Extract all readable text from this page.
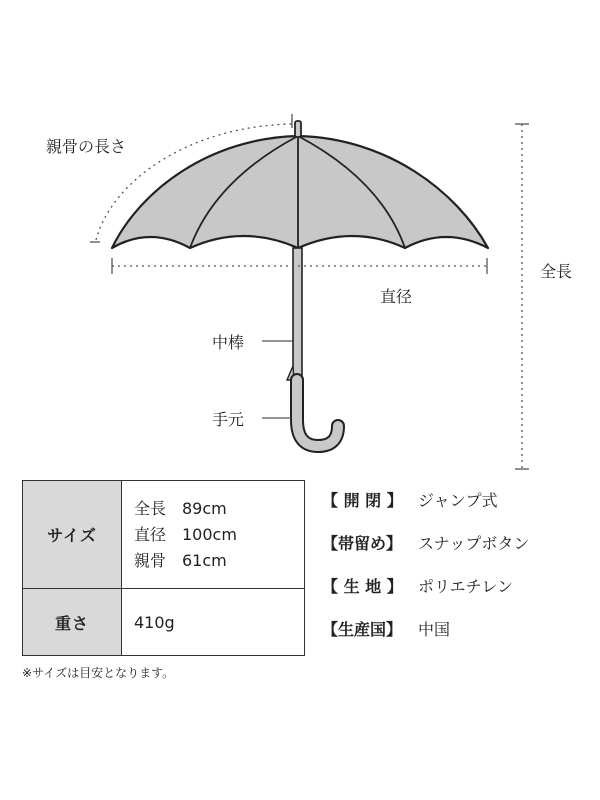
親骨の長さ
直径
全長
中棒
手元
サイズ	全長　89cm
直径　100cm
親骨　61cm

重さ	410g
【 開 閉 】 ジャンプ式
【帯留め】 スナップボタン
【 生 地 】 ポリエチレン
【生産国】 中国
※サイズは目安となります。
